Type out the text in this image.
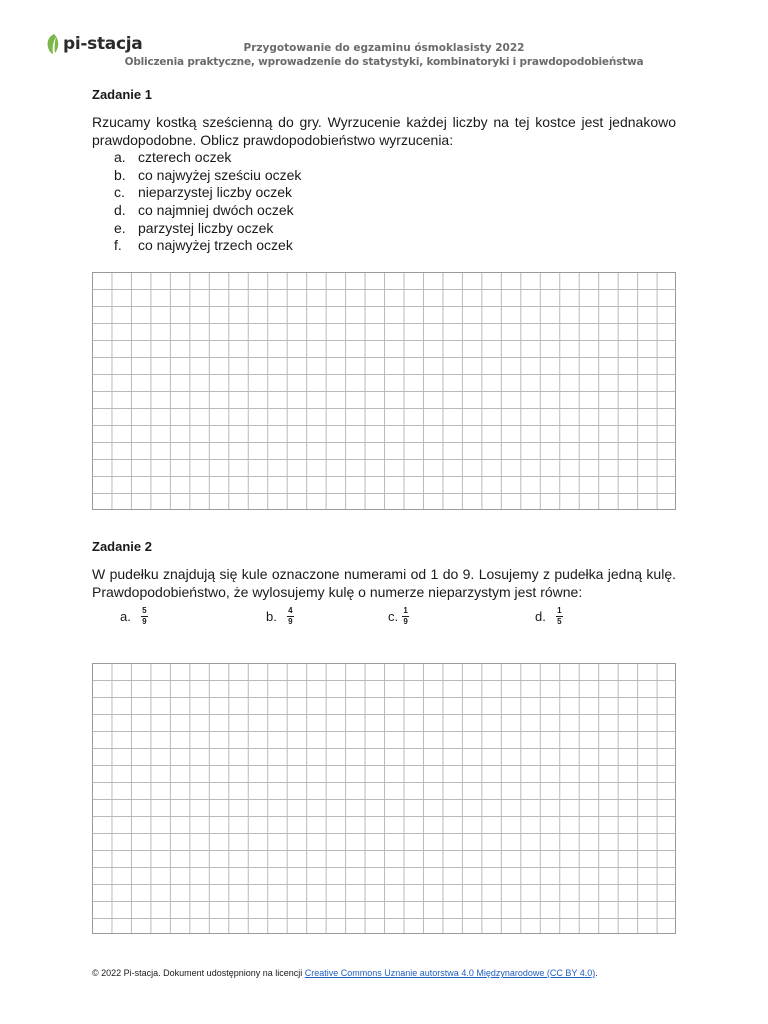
pi-stacja	Przygotowanie do egzaminu ósmoklasisty 2022
Obliczenia praktyczne, wprowadzenie do statystyki, kombinatoryki i prawdopodobieństwa
Zadanie 1
Rzucamy kostką sześcienną do gry. Wyrzucenie każdej liczby na tej kostce jest jednakowo prawdopodobne. Oblicz prawdopodobieństwo wyrzucenia:
a. czterech oczek
b. co najwyżej sześciu oczek
c. nieparzystej liczby oczek
d. co najmniej dwóch oczek
e. parzystej liczby oczek
f. co najwyżej trzech oczek
Zadanie 2
W pudełku znajdują się kule oznaczone numerami od 1 do 9. Losujemy z pudełka jedną kulę. Prawdopodobieństwo, że wylosujemy kulę o numerze nieparzystym jest równe:
a. $\frac{5}{9}$	b. $\frac{4}{9}$	c. $\frac{1}{9}$	d. $\frac{1}{5}$
© 2022 Pi-stacja. Dokument udostępniony na licencji Creative Commons Uznanie autorstwa 4.0 Międzynarodowe (CC BY 4.0).
